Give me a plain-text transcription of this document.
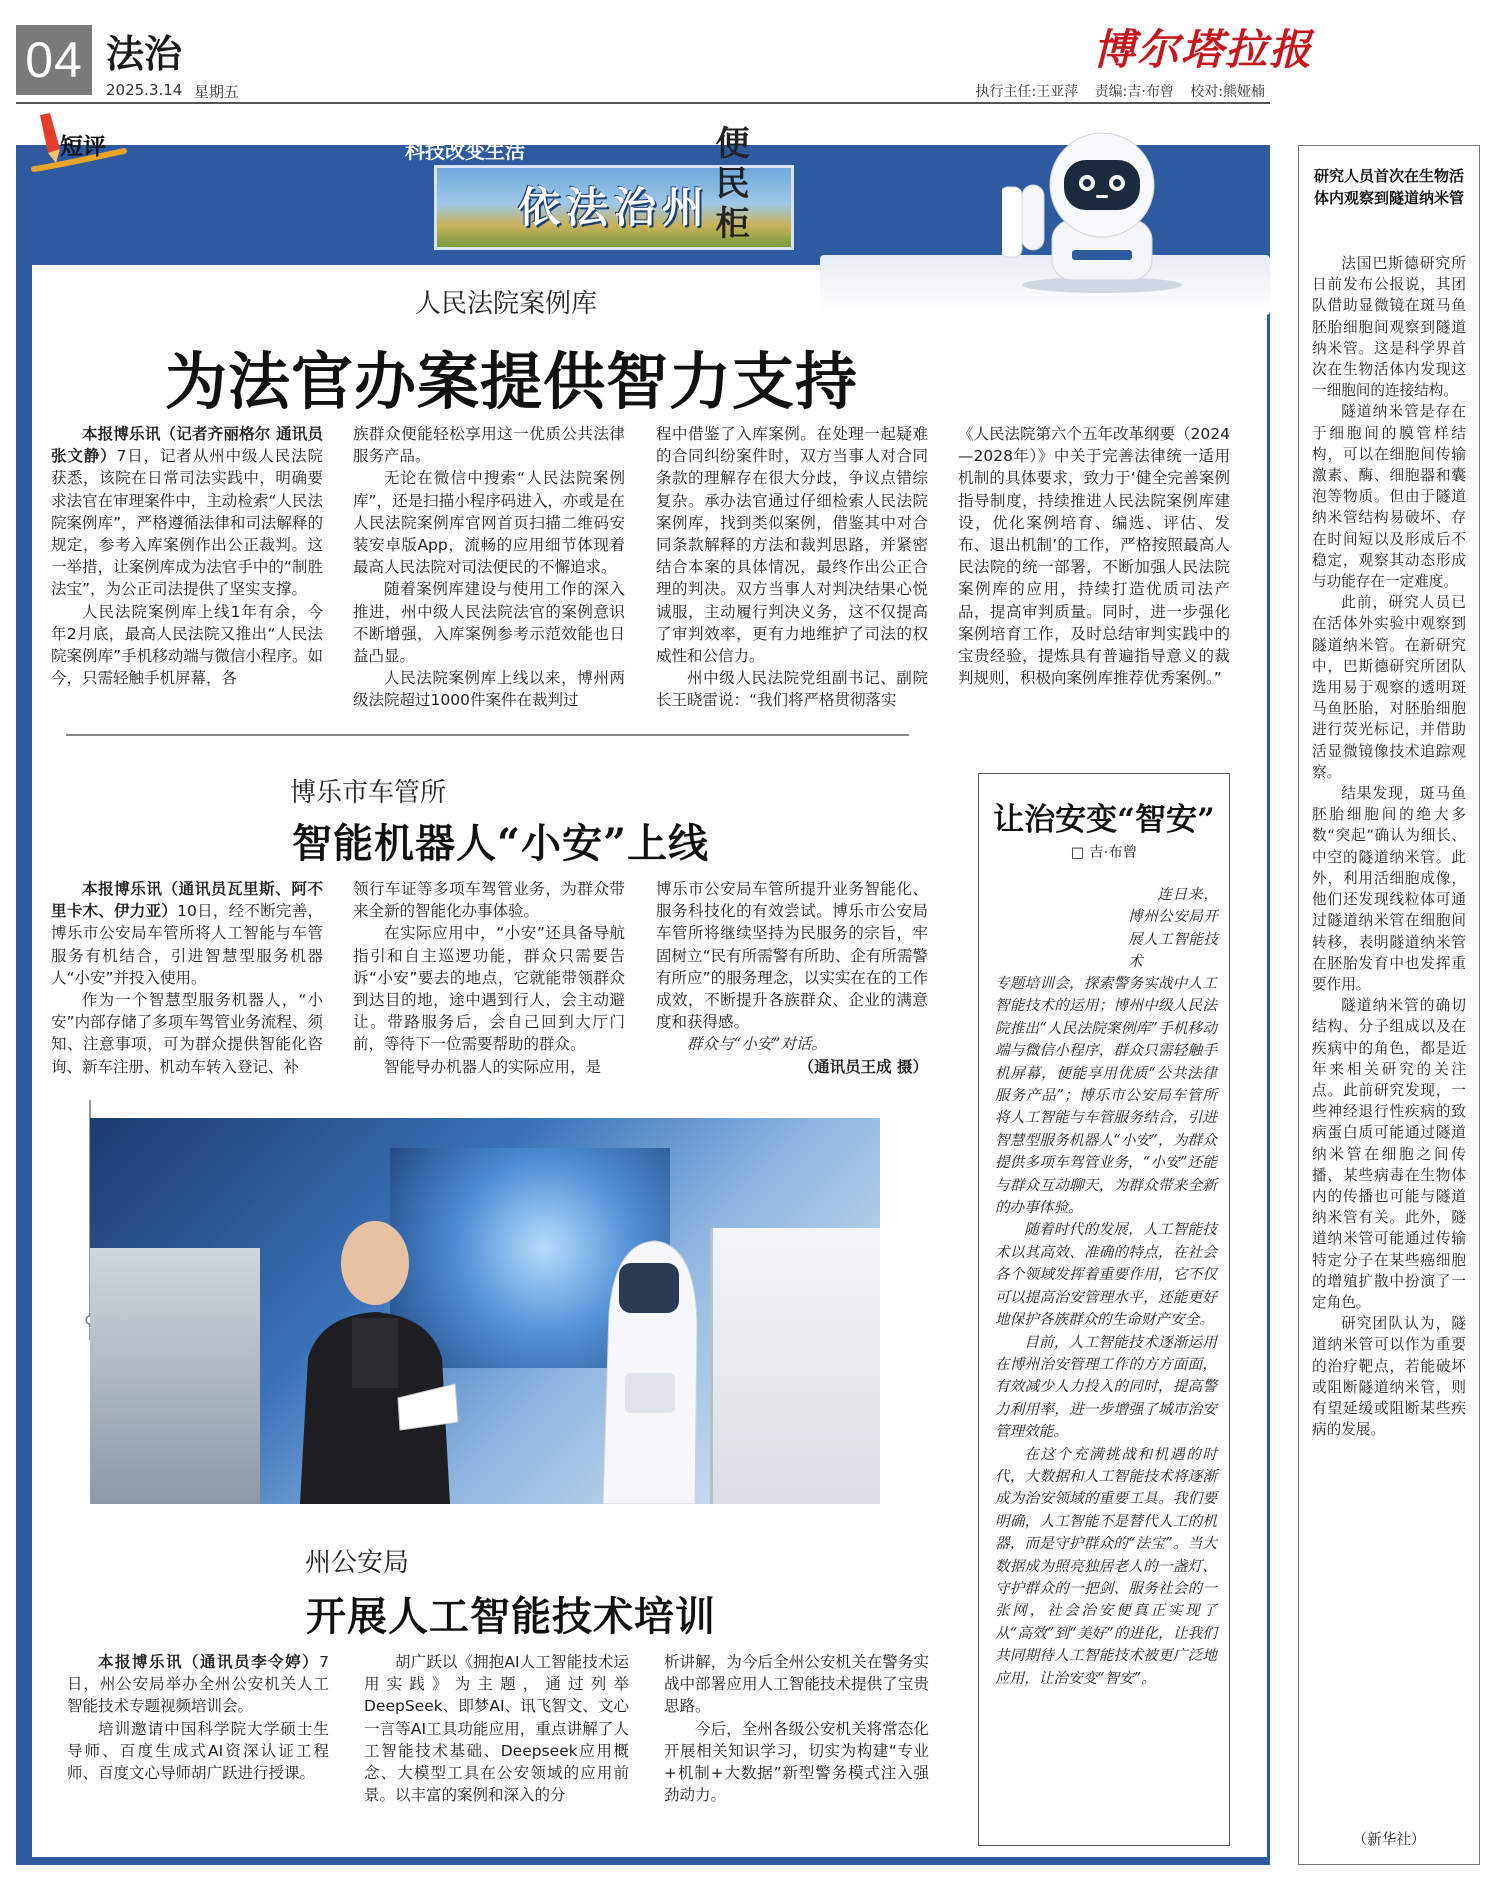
04 法治
2025.3.14 星期五
博尔塔拉报
执行主任:王亚萍 责编:吉·布曾 校对:熊娅楠
依法治州
人民法院案例库
为法官办案提供智力支持

本报博乐讯（记者齐丽格尔 通讯员张文静）7日，记者从州中级人民法院获悉，该院在日常司法实践中，明确要求法官在审理案件中，主动检索“人民法院案例库”，严格遵循法律和司法解释的规定，参考入库案例作出公正裁判。这一举措，让案例库成为法官手中的“制胜法宝”，为公正司法提供了坚实支撑。

人民法院案例库上线1年有余，今年2月底，最高人民法院又推出“人民法院案例库”手机移动端与微信小程序。如今，只需轻触手机屏幕，各

族群众便能轻松享用这一优质公共法律服务产品。

无论在微信中搜索“人民法院案例库”，还是扫描小程序码进入，亦或是在人民法院案例库官网首页扫描二维码安装安卓版App，流畅的应用细节体现着最高人民法院对司法便民的不懈追求。

随着案例库建设与使用工作的深入推进，州中级人民法院法官的案例意识不断增强，入库案例参考示范效能也日益凸显。

人民法院案例库上线以来，博州两级法院超过1000件案件在裁判过

程中借鉴了入库案例。在处理一起疑难的合同纠纷案件时，双方当事人对合同条款的理解存在很大分歧，争议点错综复杂。承办法官通过仔细检索人民法院案例库，找到类似案例，借鉴其中对合同条款解释的方法和裁判思路，并紧密结合本案的具体情况，最终作出公正合理的判决。双方当事人对判决结果心悦诚服，主动履行判决义务，这不仅提高了审判效率，更有力地维护了司法的权威性和公信力。

州中级人民法院党组副书记、副院长王晓雷说：“我们将严格贯彻落实

《人民法院第六个五年改革纲要（2024—2028年）》中关于完善法律统一适用机制的具体要求，致力于‘健全完善案例指导制度，持续推进人民法院案例库建设，优化案例培育、编选、评估、发布、退出机制’的工作，严格按照最高人民法院的统一部署，不断加强人民法院案例库的应用，持续打造优质司法产品，提高审判质量。同时，进一步强化案例培育工作，及时总结审判实践中的宝贵经验，提炼具有普遍指导意义的裁判规则，积极向案例库推荐优秀案例。”

博乐市车管所
智能机器人“小安”上线

本报博乐讯（通讯员瓦里斯、阿不里卡木、伊力亚）10日，经不断完善，博乐市公安局车管所将人工智能与车管服务有机结合，引进智慧型服务机器人“小安”并投入使用。

作为一个智慧型服务机器人，“小安”内部存储了多项车驾管业务流程、须知、注意事项，可为群众提供智能化咨询、新车注册、机动车转入登记、补

领行车证等多项车驾管业务，为群众带来全新的智能化办事体验。

在实际应用中，“小安”还具备导航指引和自主巡逻功能，群众只需要告诉“小安”要去的地点，它就能带领群众到达目的地，途中遇到行人，会主动避让。带路服务后，会自己回到大厅门前，等待下一位需要帮助的群众。

智能导办机器人的实际应用，是

博乐市公安局车管所提升业务智能化、服务科技化的有效尝试。博乐市公安局车管所将继续坚持为民服务的宗旨，牢固树立“民有所需警有所助、企有所需警有所应”的服务理念，以实实在在的工作成效，不断提升各族群众、企业的满意度和获得感。

群众与“小安”对话。

（通讯员王成 摄）

AI引领科技
科技改变生活	便民柜
州公安局
开展人工智能技术培训

本报博乐讯（通讯员李令婷）7日，州公安局举办全州公安机关人工智能技术专题视频培训会。

培训邀请中国科学院大学硕士生导师、百度生成式AI资深认证工程师、百度文心导师胡广跃进行授课。

胡广跃以《拥抱AI人工智能技术运用实践》为主题，通过列举DeepSeek、即梦AI、讯飞智文、文心一言等AI工具功能应用，重点讲解了人工智能技术基础、Deepseek应用概念、大模型工具在公安领域的应用前景。以丰富的案例和深入的分

析讲解，为今后全州公安机关在警务实战中部署应用人工智能技术提供了宝贵思路。

今后，全州各级公安机关将常态化开展相关知识学习，切实为构建“专业+机制+大数据”新型警务模式注入强劲动力。

让治安变“智安”
□ 吉·布曾
短评

连日来，博州公安局开展人工智能技术

专题培训会，探索警务实战中人工智能技术的运用；博州中级人民法院推出“人民法院案例库”手机移动端与微信小程序，群众只需轻触手机屏幕，便能享用优质“公共法律服务产品”；博乐市公安局车管所将人工智能与车管服务结合，引进智慧型服务机器人“小安”，为群众提供多项车驾管业务，“小安”还能与群众互动聊天，为群众带来全新的办事体验。

随着时代的发展，人工智能技术以其高效、准确的特点，在社会各个领域发挥着重要作用，它不仅可以提高治安管理水平，还能更好地保护各族群众的生命财产安全。

目前，人工智能技术逐渐运用在博州治安管理工作的方方面面，有效减少人力投入的同时，提高警力利用率，进一步增强了城市治安管理效能。

在这个充满挑战和机遇的时代，大数据和人工智能技术将逐渐成为治安领域的重要工具。我们要明确，人工智能不是替代人工的机器，而是守护群众的“法宝”。当大数据成为照亮独居老人的一盏灯、守护群众的一把剑、服务社会的一张网，社会治安便真正实现了从“高效”到“美好”的进化，让我们共同期待人工智能技术被更广泛地应用，让治安变“智安”。

研究人员首次在生物活体内观察到隧道纳米管

法国巴斯德研究所日前发布公报说，其团队借助显微镜在斑马鱼胚胎细胞间观察到隧道纳米管。这是科学界首次在生物活体内发现这一细胞间的连接结构。

隧道纳米管是存在于细胞间的膜管样结构，可以在细胞间传输激素、酶、细胞器和囊泡等物质。但由于隧道纳米管结构易破坏、存在时间短以及形成后不稳定，观察其动态形成与功能存在一定难度。

此前，研究人员已在活体外实验中观察到隧道纳米管。在新研究中，巴斯德研究所团队选用易于观察的透明斑马鱼胚胎，对胚胎细胞进行荧光标记，并借助活显微镜像技术追踪观察。

结果发现，斑马鱼胚胎细胞间的绝大多数“突起”确认为细长、中空的隧道纳米管。此外，利用活细胞成像，他们还发现线粒体可通过隧道纳米管在细胞间转移，表明隧道纳米管在胚胎发育中也发挥重要作用。

隧道纳米管的确切结构、分子组成以及在疾病中的角色，都是近年来相关研究的关注点。此前研究发现，一些神经退行性疾病的致病蛋白质可能通过隧道纳米管在细胞之间传播，某些病毒在生物体内的传播也可能与隧道纳米管有关。此外，隧道纳米管可能通过传输特定分子在某些癌细胞的增殖扩散中扮演了一定角色。

研究团队认为，隧道纳米管可以作为重要的治疗靶点，若能破坏或阻断隧道纳米管，则有望延缓或阻断某些疾病的发展。

（新华社）
